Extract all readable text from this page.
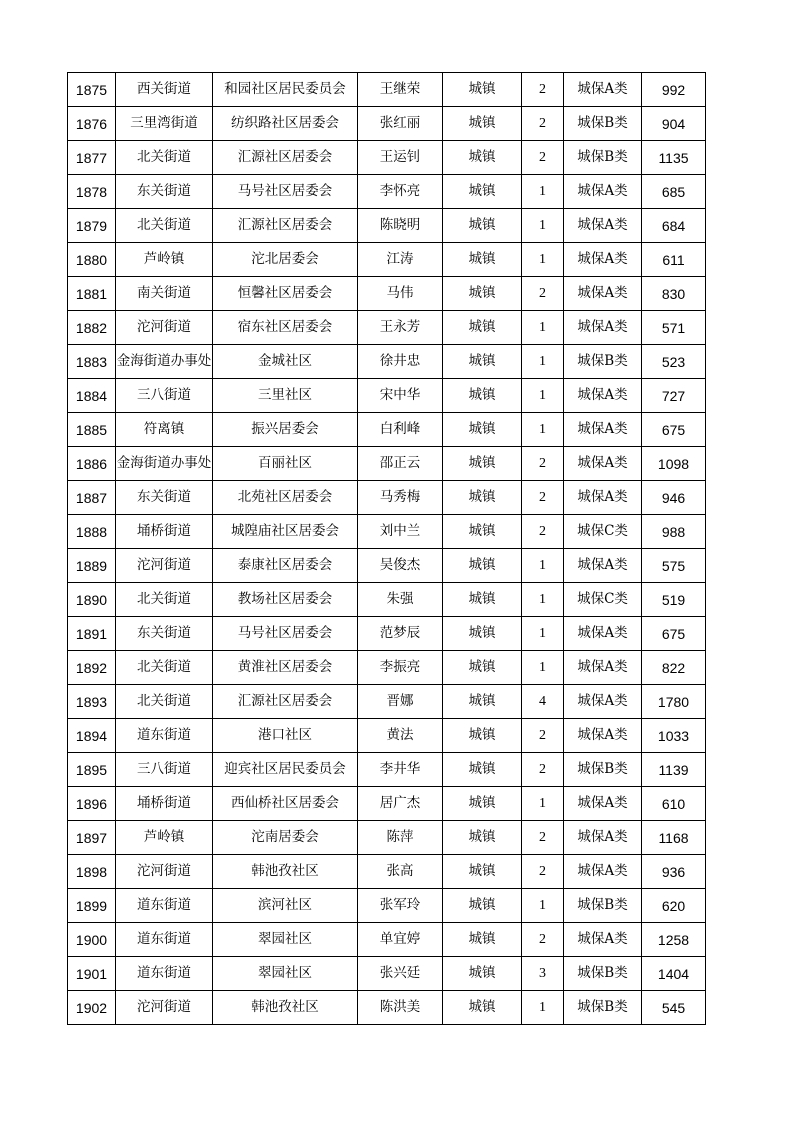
1875	西关街道	和园社区居民委员会	王继荣	城镇	2	城保A类	992
1876	三里湾街道	纺织路社区居委会	张红丽	城镇	2	城保B类	904
1877	北关街道	汇源社区居委会	王运钊	城镇	2	城保B类	1135
1878	东关街道	马号社区居委会	李怀亮	城镇	1	城保A类	685
1879	北关街道	汇源社区居委会	陈晓明	城镇	1	城保A类	684
1880	芦岭镇	沱北居委会	江涛	城镇	1	城保A类	611
1881	南关街道	恒馨社区居委会	马伟	城镇	2	城保A类	830
1882	沱河街道	宿东社区居委会	王永芳	城镇	1	城保A类	571
1883	金海街道办事处	金城社区	徐井忠	城镇	1	城保B类	523
1884	三八街道	三里社区	宋中华	城镇	1	城保A类	727
1885	符离镇	振兴居委会	白利峰	城镇	1	城保A类	675
1886	金海街道办事处	百丽社区	邵正云	城镇	2	城保A类	1098
1887	东关街道	北苑社区居委会	马秀梅	城镇	2	城保A类	946
1888	埇桥街道	城隍庙社区居委会	刘中兰	城镇	2	城保C类	988
1889	沱河街道	泰康社区居委会	吴俊杰	城镇	1	城保A类	575
1890	北关街道	教场社区居委会	朱强	城镇	1	城保C类	519
1891	东关街道	马号社区居委会	范梦辰	城镇	1	城保A类	675
1892	北关街道	黄淮社区居委会	李振亮	城镇	1	城保A类	822
1893	北关街道	汇源社区居委会	晋娜	城镇	4	城保A类	1780
1894	道东街道	港口社区	黄法	城镇	2	城保A类	1033
1895	三八街道	迎宾社区居民委员会	李井华	城镇	2	城保B类	1139
1896	埇桥街道	西仙桥社区居委会	居广杰	城镇	1	城保A类	610
1897	芦岭镇	沱南居委会	陈萍	城镇	2	城保A类	1168
1898	沱河街道	韩池孜社区	张高	城镇	2	城保A类	936
1899	道东街道	滨河社区	张军玲	城镇	1	城保B类	620
1900	道东街道	翠园社区	单宜婷	城镇	2	城保A类	1258
1901	道东街道	翠园社区	张兴廷	城镇	3	城保B类	1404
1902	沱河街道	韩池孜社区	陈洪美	城镇	1	城保B类	545
